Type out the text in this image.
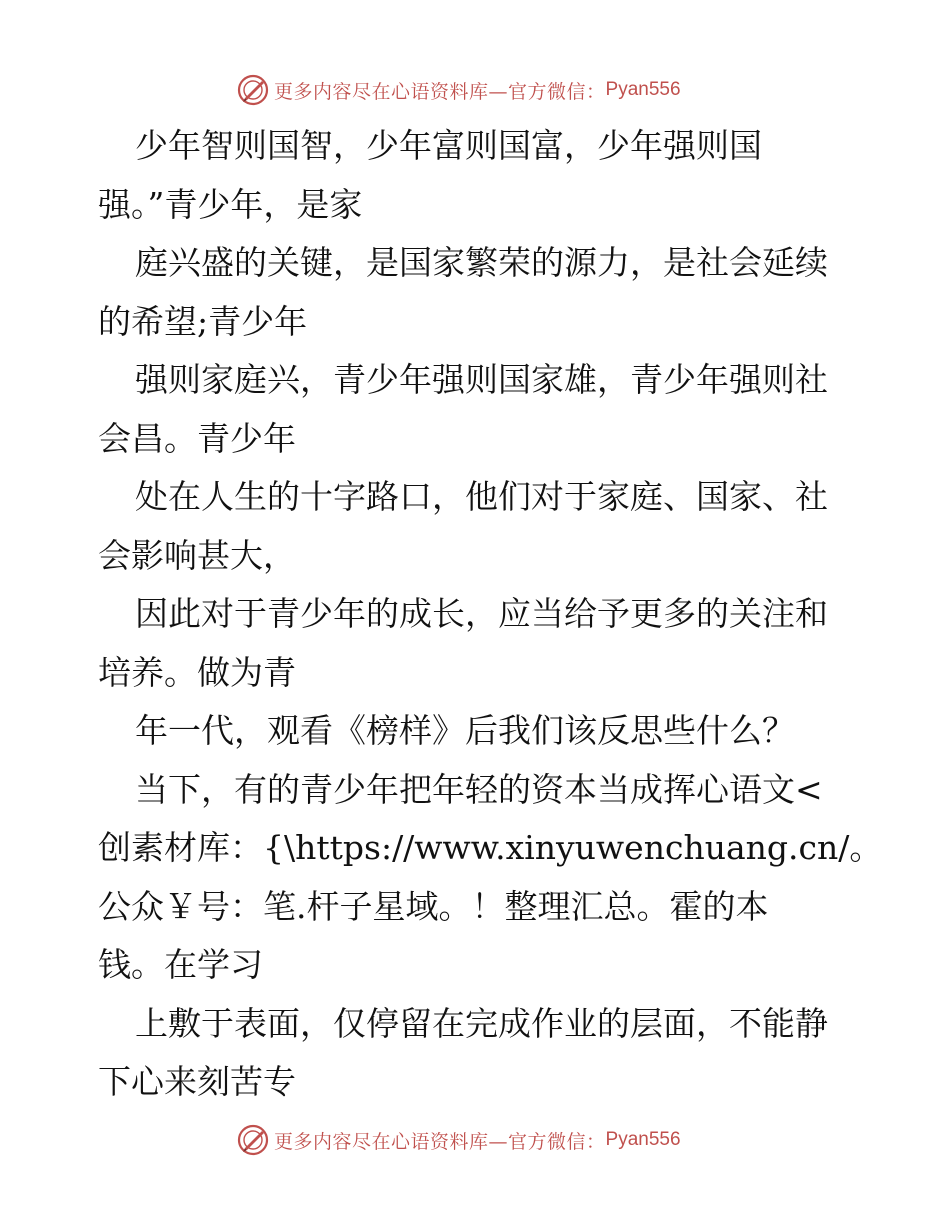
更多内容尽在心语资料库—官方微信： Pyan556
少年智则国智，少年富则国富，少年强则国
强。”青少年，是家
庭兴盛的关键，是国家繁荣的源力，是社会延续
的希望;青少年
强则家庭兴，青少年强则国家雄，青少年强则社
会昌。青少年
处在人生的十字路口，他们对于家庭、国家、社
会影响甚大，
因此对于青少年的成长，应当给予更多的关注和
培养。做为青
年一代，观看《榜样》后我们该反思些什么？
当下，有的青少年把年轻的资本当成挥心语文<
创素材库：{\https://www.xinyuwenchuang.cn/。
公众￥号：笔.杆子星域。！整理汇总。霍的本
钱。在学习
上敷于表面，仅停留在完成作业的层面，不能静
下心来刻苦专
更多内容尽在心语资料库—官方微信： Pyan556
